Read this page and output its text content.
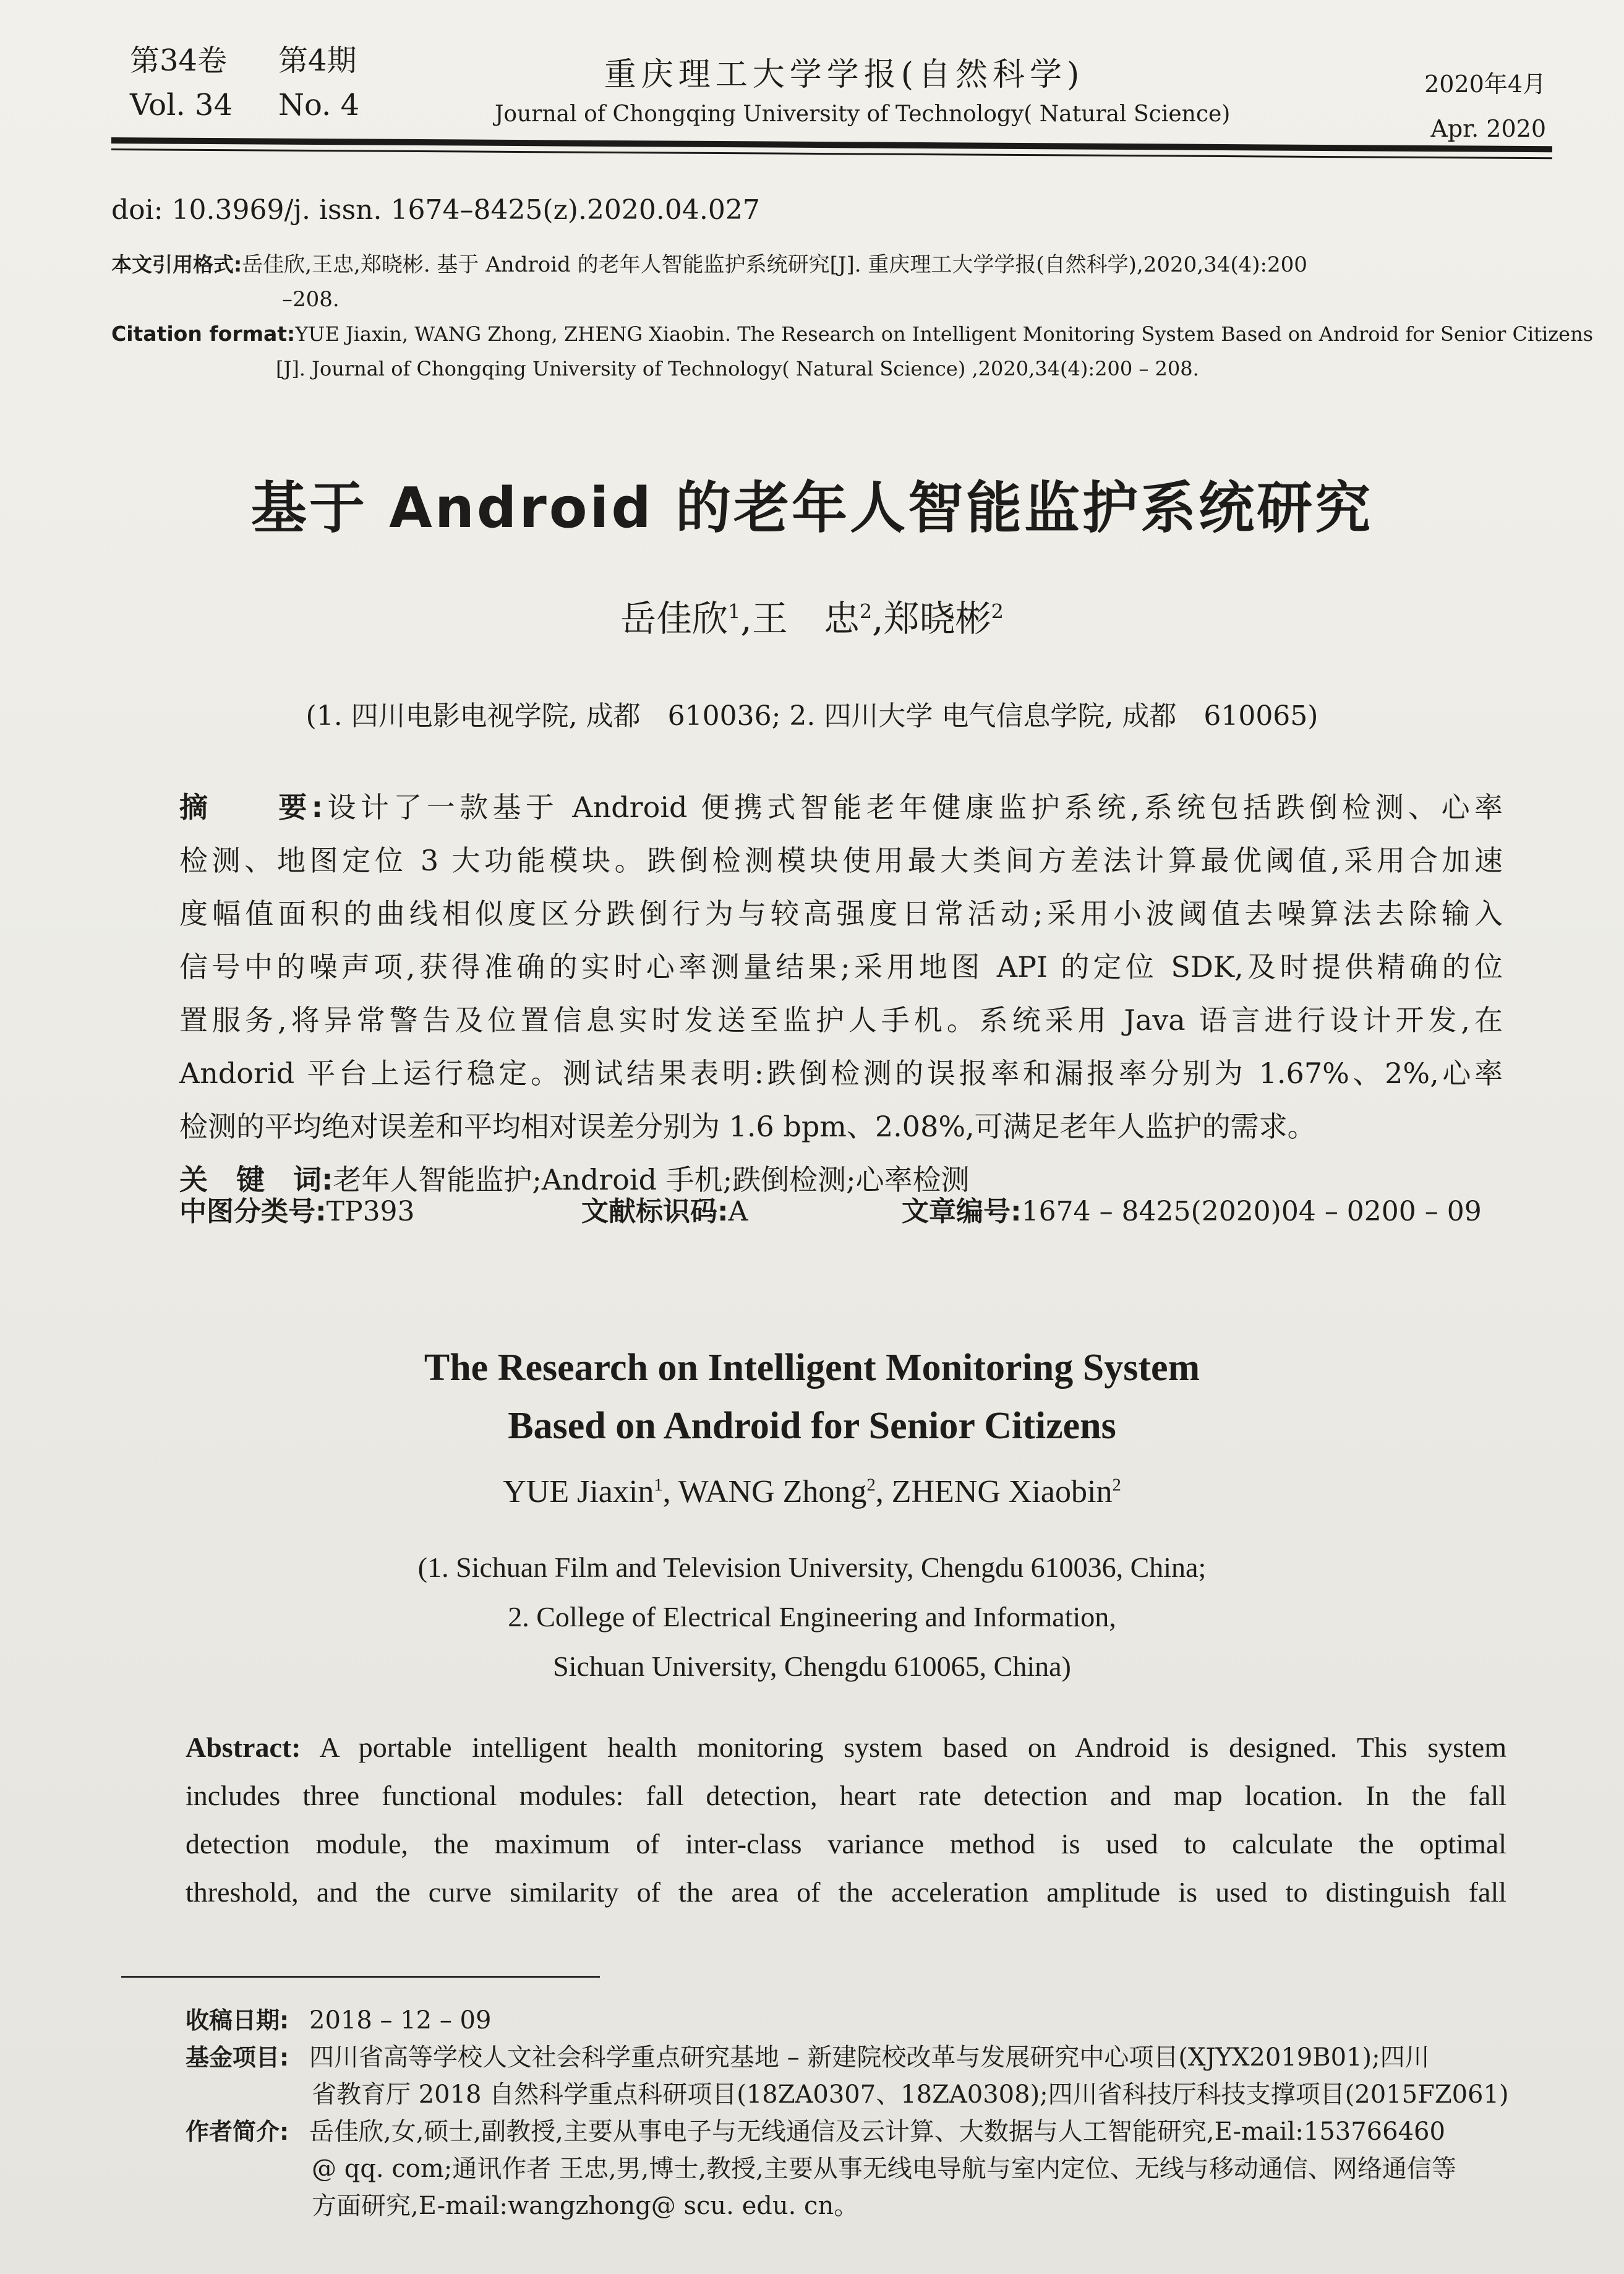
第34卷 第4期
Vol. 34 No. 4
重庆理工大学学报(自然科学)
Journal of Chongqing University of Technology( Natural Science)
2020年4月
Apr. 2020
doi: 10.3969/j. issn. 1674–8425(z).2020.04.027
本文引用格式:岳佳欣,王忠,郑晓彬. 基于 Android 的老年人智能监护系统研究[J]. 重庆理工大学学报(自然科学),2020,34(4):200
–208.
Citation format:YUE Jiaxin, WANG Zhong, ZHENG Xiaobin. The Research on Intelligent Monitoring System Based on Android for Senior Citizens
[J]. Journal of Chongqing University of Technology( Natural Science) ,2020,34(4):200 – 208.
基于 Android 的老年人智能监护系统研究
岳佳欣$^1$,王　忠$^2$,郑晓彬$^2$
(1. 四川电影电视学院, 成都　610036; 2. 四川大学 电气信息学院, 成都　610065)
摘　　要:设计了一款基于 Android 便携式智能老年健康监护系统,系统包括跌倒检测、心率
检测、地图定位 3 大功能模块。跌倒检测模块使用最大类间方差法计算最优阈值,采用合加速
度幅值面积的曲线相似度区分跌倒行为与较高强度日常活动;采用小波阈值去噪算法去除输入
信号中的噪声项,获得准确的实时心率测量结果;采用地图 API 的定位 SDK,及时提供精确的位
置服务,将异常警告及位置信息实时发送至监护人手机。系统采用 Java 语言进行设计开发,在
Andorid 平台上运行稳定。测试结果表明:跌倒检测的误报率和漏报率分别为 1.67%、2%,心率
检测的平均绝对误差和平均相对误差分别为 1.6 bpm、2.08%,可满足老年人监护的需求。
关　键　词:老年人智能监护;Android 手机;跌倒检测;心率检测
中图分类号:TP393	文献标识码:A	文章编号:1674 – 8425(2020)04 – 0200 – 09
The Research on Intelligent Monitoring System
Based on Android for Senior Citizens
YUE Jiaxin$^1$, WANG Zhong$^2$, ZHENG Xiaobin$^2$
(1. Sichuan Film and Television University, Chengdu 610036, China;
2. College of Electrical Engineering and Information,
Sichuan University, Chengdu 610065, China)
Abstract: A portable intelligent health monitoring system based on Android is designed. This system
includes three functional modules: fall detection, heart rate detection and map location. In the fall
detection module, the maximum of inter-class variance method is used to calculate the optimal
threshold, and the curve similarity of the area of the acceleration amplitude is used to distinguish fall
收稿日期: 2018 – 12 – 09
基金项目: 四川省高等学校人文社会科学重点研究基地 – 新建院校改革与发展研究中心项目(XJYX2019B01);四川
省教育厅 2018 自然科学重点科研项目(18ZA0307、18ZA0308);四川省科技厅科技支撑项目(2015FZ061)
作者简介: 岳佳欣,女,硕士,副教授,主要从事电子与无线通信及云计算、大数据与人工智能研究,E-mail:153766460
@ qq. com;通讯作者 王忠,男,博士,教授,主要从事无线电导航与室内定位、无线与移动通信、网络通信等
方面研究,E-mail:wangzhong@ scu. edu. cn。
